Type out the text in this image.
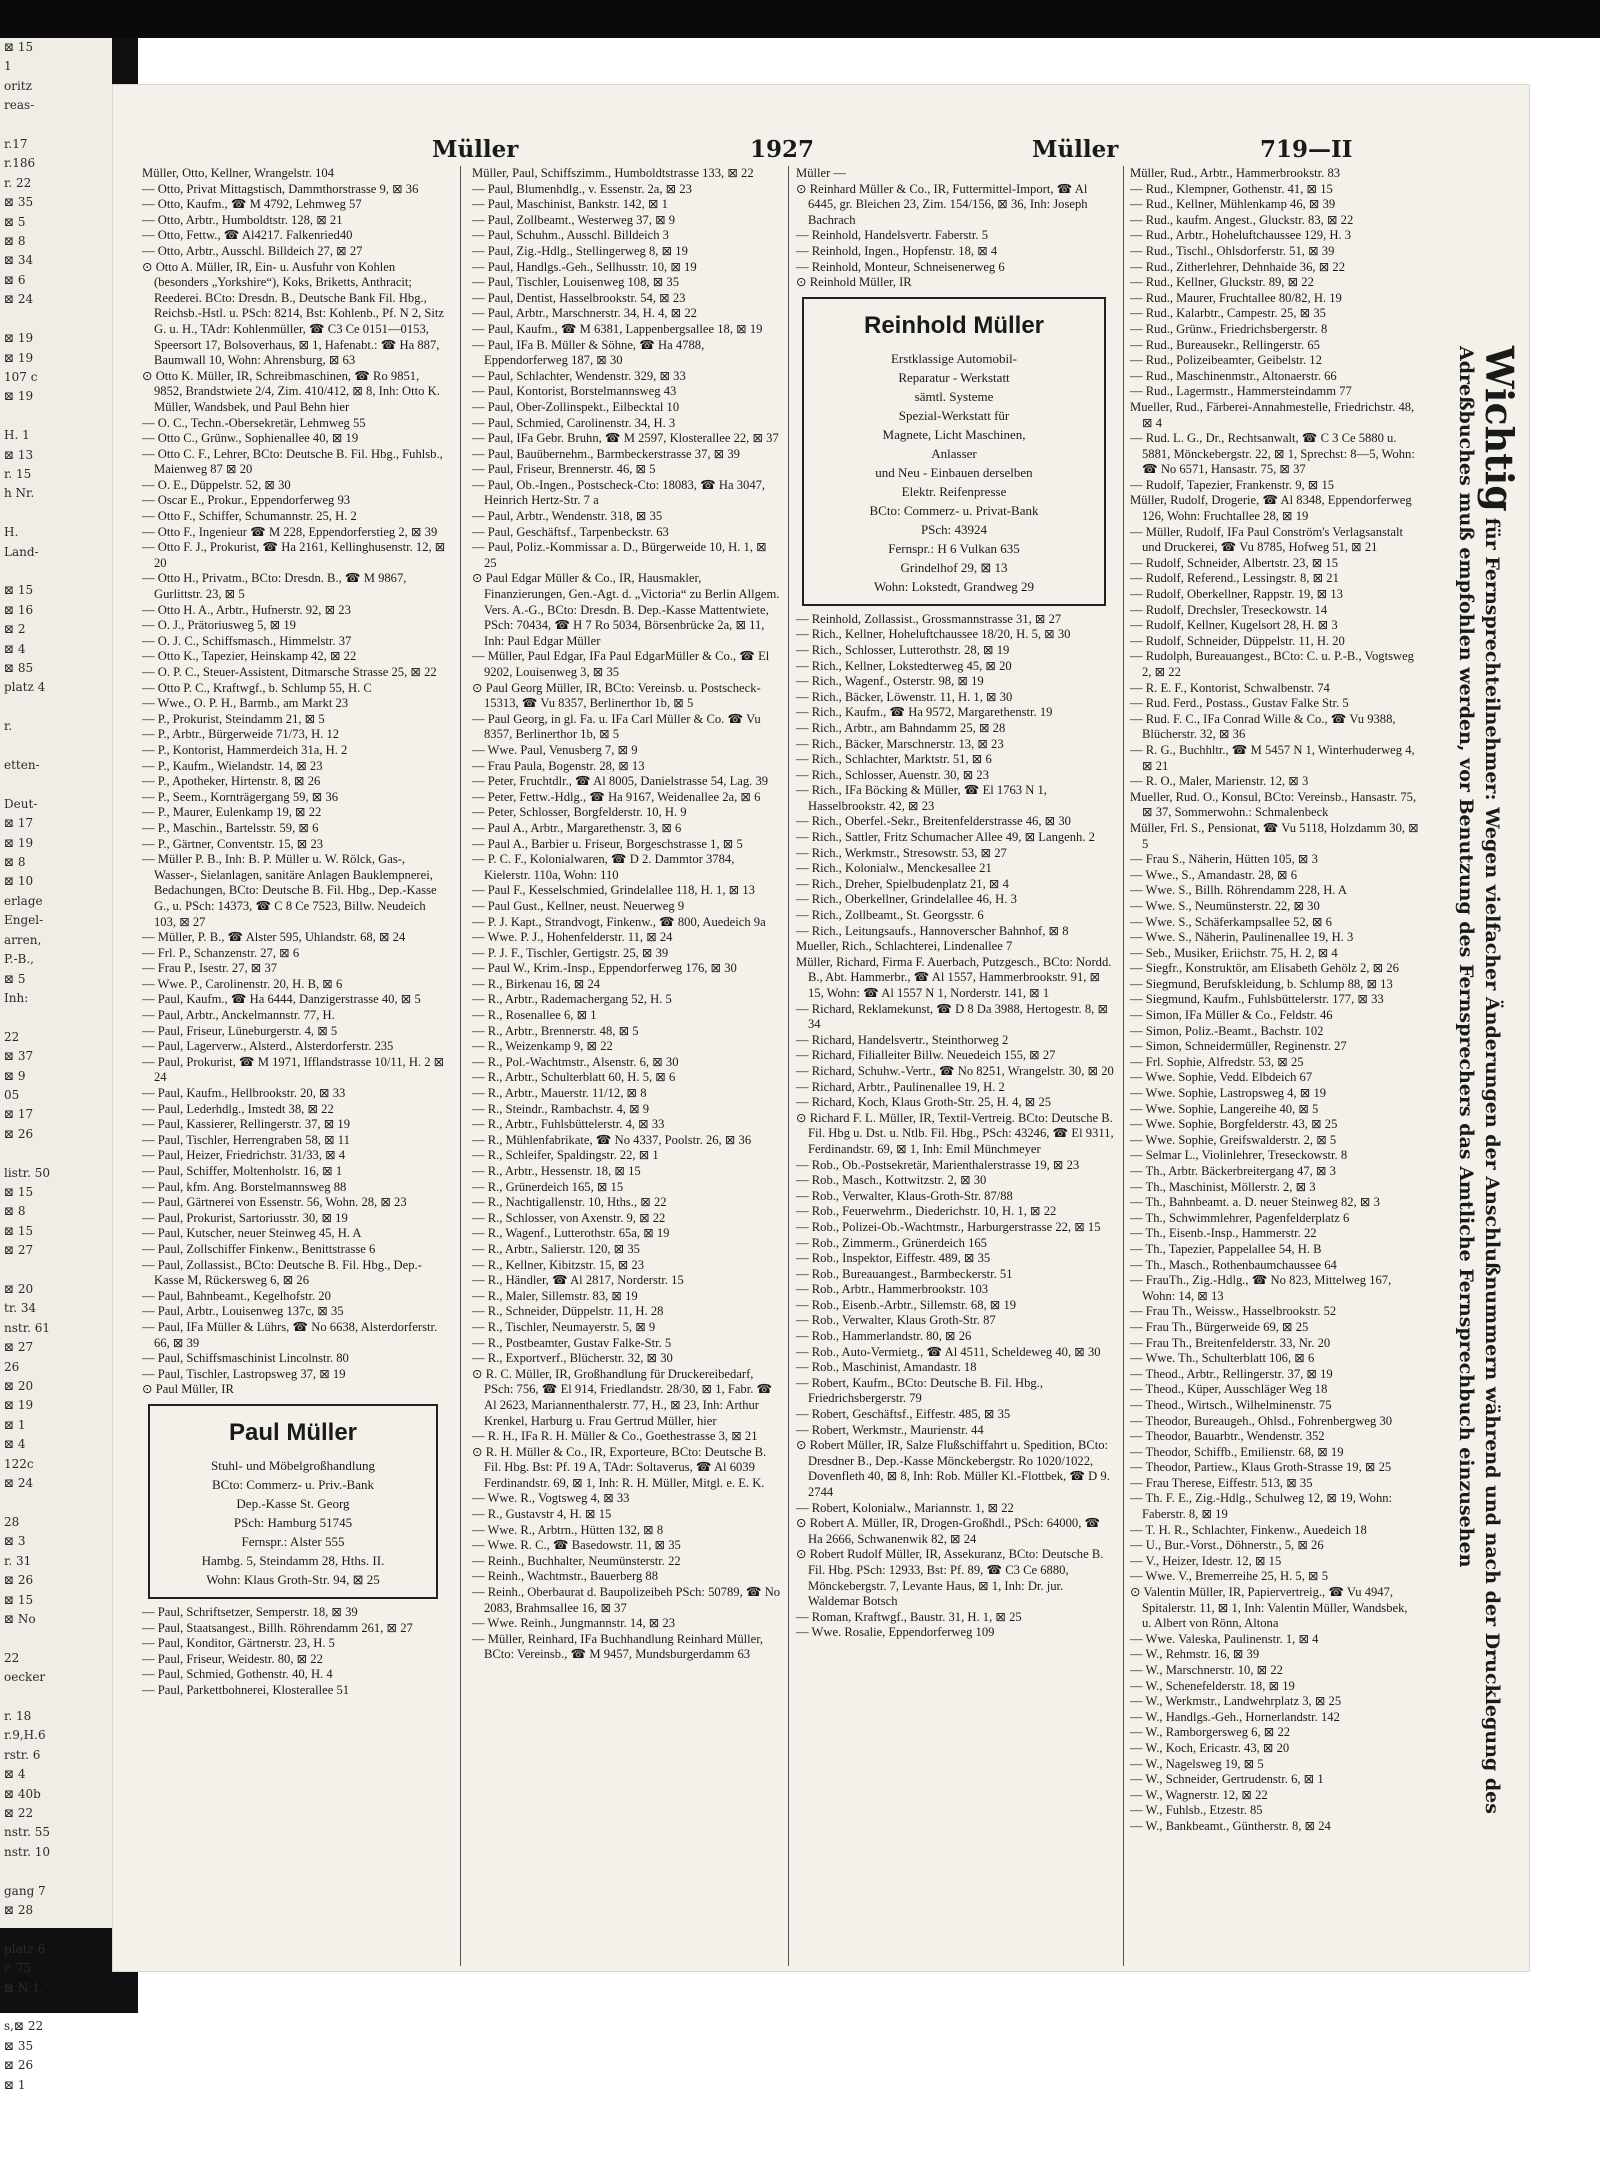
⊠ 15
1
oritz
reas-

r.17
r.186
r. 22
⊠ 35
⊠ 5
⊠ 8
⊠ 34
⊠ 6
⊠ 24

⊠ 19
⊠ 19
107 c
⊠ 19

H. 1
⊠ 13
r. 15
h Nr.

H.
Land-

⊠ 15
⊠ 16
⊠ 2
⊠ 4
⊠ 85
platz 4

r.

etten-

Deut-
⊠ 17
⊠ 19
⊠ 8
⊠ 10
erlage
Engel-
arren,
P.-B.,
⊠ 5
Inh:

22
⊠ 37
⊠ 9
05
⊠ 17
⊠ 26

listr. 50
⊠ 15
⊠ 8
⊠ 15
⊠ 27

⊠ 20
tr. 34
nstr. 61
⊠ 27
26
⊠ 20
⊠ 19
⊠ 1
⊠ 4
122c
⊠ 24

28
⊠ 3
r. 31
⊠ 26
⊠ 15
⊠ No

22
oecker

r. 18
r.9,H.6
rstr. 6
⊠ 4
⊠ 40b
⊠ 22
nstr. 55
nstr. 10

gang 7
⊠ 28

platz 6
r. 75
⊠ N 1,

s,⊠ 22
⊠ 35
⊠ 26
⊠ 1
Müller	1927	Müller	719—II

Müller, Otto, Kellner, Wrangelstr. 104

— Otto, Privat Mittagstisch, Dammthorstrasse 9, ⊠ 36

— Otto, Kaufm., ☎ M 4792, Lehmweg 57

— Otto, Arbtr., Humboldtstr. 128, ⊠ 21

— Otto, Fettw., ☎ Al4217. Falkenried40

— Otto, Arbtr., Ausschl. Billdeich 27, ⊠ 27

⊙ Otto A. Müller, IR, Ein- u. Ausfuhr von Kohlen (besonders „Yorkshire“), Koks, Briketts, Anthracit; Reederei. BCto: Dresdn. B., Deutsche Bank Fil. Hbg., Reichsb.-Hstl. u. PSch: 8214, Bst: Kohlenb., Pf. N 2, Sitz G. u. H., TAdr: Kohlenmüller, ☎ C3 Ce 0151—0153, Speersort 17, Bolsoverhaus, ⊠ 1, Hafenabt.: ☎ Ha 887, Baumwall 10, Wohn: Ahrensburg, ⊠ 63

⊙ Otto K. Müller, IR, Schreibmaschinen, ☎ Ro 9851, 9852, Brandstwiete 2/4, Zim. 410/412, ⊠ 8, Inh: Otto K. Müller, Wandsbek, und Paul Behn hier

— O. C., Techn.-Obersekretär, Lehmweg 55

— Otto C., Grünw., Sophienallee 40, ⊠ 19

— Otto C. F., Lehrer, BCto: Deutsche B. Fil. Hbg., Fuhlsb., Maienweg 87 ⊠ 20

— O. E., Düppelstr. 52, ⊠ 30

— Oscar E., Prokur., Eppendorferweg 93

— Otto F., Schiffer, Schumannstr. 25, H. 2

— Otto F., Ingenieur ☎ M 228, Eppendorferstieg 2, ⊠ 39

— Otto F. J., Prokurist, ☎ Ha 2161, Kellinghusenstr. 12, ⊠ 20

— Otto H., Privatm., BCto: Dresdn. B., ☎ M 9867, Gurlittstr. 23, ⊠ 5

— Otto H. A., Arbtr., Hufnerstr. 92, ⊠ 23

— O. J., Prätoriusweg 5, ⊠ 19

— O. J. C., Schiffsmasch., Himmelstr. 37

— Otto K., Tapezier, Heinskamp 42, ⊠ 22

— O. P. C., Steuer-Assistent, Ditmarsche Strasse 25, ⊠ 22

— Otto P. C., Kraftwgf., b. Schlump 55, H. C

— Wwe., O. P. H., Barmb., am Markt 23

— P., Prokurist, Steindamm 21, ⊠ 5

— P., Arbtr., Bürgerweide 71/73, H. 12

— P., Kontorist, Hammerdeich 31a, H. 2

— P., Kaufm., Wielandstr. 14, ⊠ 23

— P., Apotheker, Hirtenstr. 8, ⊠ 26

— P., Seem., Kornträgergang 59, ⊠ 36

— P., Maurer, Eulenkamp 19, ⊠ 22

— P., Maschin., Bartelsstr. 59, ⊠ 6

— P., Gärtner, Conventstr. 15, ⊠ 23

— Müller P. B., Inh: B. P. Müller u. W. Rölck, Gas-, Wasser-, Sielanlagen, sanitäre Anlagen Bauklempnerei, Bedachungen, BCto: Deutsche B. Fil. Hbg., Dep.-Kasse G., u. PSch: 14373, ☎ C 8 Ce 7523, Billw. Neudeich 103, ⊠ 27

— Müller, P. B., ☎ Alster 595, Uhlandstr. 68, ⊠ 24

— Frl. P., Schanzenstr. 27, ⊠ 6

— Frau P., Isestr. 27, ⊠ 37

— Wwe. P., Carolinenstr. 20, H. B, ⊠ 6

— Paul, Kaufm., ☎ Ha 6444, Danzigerstrasse 40, ⊠ 5

— Paul, Arbtr., Anckelmannstr. 77, H.

— Paul, Friseur, Lüneburgerstr. 4, ⊠ 5

— Paul, Lagerverw., Alsterd., Alsterdorferstr. 235

— Paul, Prokurist, ☎ M 1971, Ifflandstrasse 10/11, H. 2 ⊠ 24

— Paul, Kaufm., Hellbrookstr. 20, ⊠ 33

— Paul, Lederhdlg., Imstedt 38, ⊠ 22

— Paul, Kassierer, Rellingerstr. 37, ⊠ 19

— Paul, Tischler, Herrengraben 58, ⊠ 11

— Paul, Heizer, Friedrichstr. 31/33, ⊠ 4

— Paul, Schiffer, Moltenholstr. 16, ⊠ 1

— Paul, kfm. Ang. Borstelmannsweg 88

— Paul, Gärtnerei von Essenstr. 56, Wohn. 28, ⊠ 23

— Paul, Prokurist, Sartoriusstr. 30, ⊠ 19

— Paul, Kutscher, neuer Steinweg 45, H. A

— Paul, Zollschiffer Finkenw., Benittstrasse 6

— Paul, Zollassist., BCto: Deutsche B. Fil. Hbg., Dep.-Kasse M, Rückersweg 6, ⊠ 26

— Paul, Bahnbeamt., Kegelhofstr. 20

— Paul, Arbtr., Louisenweg 137c, ⊠ 35

— Paul, IFa Müller & Lührs, ☎ No 6638, Alsterdorferstr. 66, ⊠ 39

— Paul, Schiffsmaschinist Lincolnstr. 80

— Paul, Tischler, Lastropsweg 37, ⊠ 19

⊙ Paul Müller, IR

Paul Müller

Stuhl- und Möbelgroßhandlung

BCto: Commerz- u. Priv.-Bank

Dep.-Kasse St. Georg

PSch: Hamburg 51745

Fernspr.: Alster 555

Hambg. 5, Steindamm 28, Hths. II.

Wohn: Klaus Groth-Str. 94, ⊠ 25

— Paul, Schriftsetzer, Semperstr. 18, ⊠ 39

— Paul, Staatsangest., Billh. Röhrendamm 261, ⊠ 27

— Paul, Konditor, Gärtnerstr. 23, H. 5

— Paul, Friseur, Weidestr. 80, ⊠ 22

— Paul, Schmied, Gothenstr. 40, H. 4

— Paul, Parkettbohnerei, Klosterallee 51

Müller, Paul, Schiffszimm., Humboldtstrasse 133, ⊠ 22

— Paul, Blumenhdlg., v. Essenstr. 2a, ⊠ 23

— Paul, Maschinist, Bankstr. 142, ⊠ 1

— Paul, Zollbeamt., Westerweg 37, ⊠ 9

— Paul, Schuhm., Ausschl. Billdeich 3

— Paul, Zig.-Hdlg., Stellingerweg 8, ⊠ 19

— Paul, Handlgs.-Geh., Sellhusstr. 10, ⊠ 19

— Paul, Tischler, Louisenweg 108, ⊠ 35

— Paul, Dentist, Hasselbrookstr. 54, ⊠ 23

— Paul, Arbtr., Marschnerstr. 34, H. 4, ⊠ 22

— Paul, Kaufm., ☎ M 6381, Lappenbergsallee 18, ⊠ 19

— Paul, IFa B. Müller & Söhne, ☎ Ha 4788, Eppendorferweg 187, ⊠ 30

— Paul, Schlachter, Wendenstr. 329, ⊠ 33

— Paul, Kontorist, Borstelmannsweg 43

— Paul, Ober-Zollinspekt., Eilbecktal 10

— Paul, Schmied, Carolinenstr. 34, H. 3

— Paul, IFa Gebr. Bruhn, ☎ M 2597, Klosterallee 22, ⊠ 37

— Paul, Bauübernehm., Barmbeckerstrasse 37, ⊠ 39

— Paul, Friseur, Brennerstr. 46, ⊠ 5

— Paul, Ob.-Ingen., Postscheck-Cto: 18083, ☎ Ha 3047, Heinrich Hertz-Str. 7 a

— Paul, Arbtr., Wendenstr. 318, ⊠ 35

— Paul, Geschäftsf., Tarpenbeckstr. 63

— Paul, Poliz.-Kommissar a. D., Bürgerweide 10, H. 1, ⊠ 25

⊙ Paul Edgar Müller & Co., IR, Hausmakler, Finanzierungen, Gen.-Agt. d. „Victoria“ zu Berlin Allgem. Vers. A.-G., BCto: Dresdn. B. Dep.-Kasse Mattentwiete, PSch: 70434, ☎ H 7 Ro 5034, Börsenbrücke 2a, ⊠ 11, Inh: Paul Edgar Müller

— Müller, Paul Edgar, IFa Paul EdgarMüller & Co., ☎ El 9202, Louisenweg 3, ⊠ 35

⊙ Paul Georg Müller, IR, BCto: Vereinsb. u. Postscheck- 15313, ☎ Vu 8357, Berlinerthor 1b, ⊠ 5

— Paul Georg, in gl. Fa. u. IFa Carl Müller & Co. ☎ Vu 8357, Berlinerthor 1b, ⊠ 5

— Wwe. Paul, Venusberg 7, ⊠ 9

— Frau Paula, Bogenstr. 28, ⊠ 13

— Peter, Fruchtdlr., ☎ Al 8005, Danielstrasse 54, Lag. 39

— Peter, Fettw.-Hdlg., ☎ Ha 9167, Weidenallee 2a, ⊠ 6

— Peter, Schlosser, Borgfelderstr. 10, H. 9

— Paul A., Arbtr., Margarethenstr. 3, ⊠ 6

— Paul A., Barbier u. Friseur, Borgeschstrasse 1, ⊠ 5

— P. C. F., Kolonialwaren, ☎ D 2. Dammtor 3784, Kielerstr. 110a, Wohn: 110

— Paul F., Kesselschmied, Grindelallee 118, H. 1, ⊠ 13

— Paul Gust., Kellner, neust. Neuerweg 9

— P. J. Kapt., Strandvogt, Finkenw., ☎ 800, Auedeich 9a

— Wwe. P. J., Hohenfelderstr. 11, ⊠ 24

— P. J. F., Tischler, Gertigstr. 25, ⊠ 39

— Paul W., Krim.-Insp., Eppendorferweg 176, ⊠ 30

— R., Birkenau 16, ⊠ 24

— R., Arbtr., Rademachergang 52, H. 5

— R., Rosenallee 6, ⊠ 1

— R., Arbtr., Brennerstr. 48, ⊠ 5

— R., Weizenkamp 9, ⊠ 22

— R., Pol.-Wachtmstr., Alsenstr. 6, ⊠ 30

— R., Arbtr., Schulterblatt 60, H. 5, ⊠ 6

— R., Arbtr., Mauerstr. 11/12, ⊠ 8

— R., Steindr., Rambachstr. 4, ⊠ 9

— R., Arbtr., Fuhlsbüttelerstr. 4, ⊠ 33

— R., Mühlenfabrikate, ☎ No 4337, Poolstr. 26, ⊠ 36

— R., Schleifer, Spaldingstr. 22, ⊠ 1

— R., Arbtr., Hessenstr. 18, ⊠ 15

— R., Grünerdeich 165, ⊠ 15

— R., Nachtigallenstr. 10, Hths., ⊠ 22

— R., Schlosser, von Axenstr. 9, ⊠ 22

— R., Wagenf., Lutterothstr. 65a, ⊠ 19

— R., Arbtr., Salierstr. 120, ⊠ 35

— R., Kellner, Kibitzstr. 15, ⊠ 23

— R., Händler, ☎ Al 2817, Norderstr. 15

— R., Maler, Sillemstr. 83, ⊠ 19

— R., Schneider, Düppelstr. 11, H. 28

— R., Tischler, Neumayerstr. 5, ⊠ 9

— R., Postbeamter, Gustav Falke-Str. 5

— R., Exportverf., Blücherstr. 32, ⊠ 30

⊙ R. C. Müller, IR, Großhandlung für Druckereibedarf, PSch: 756, ☎ El 914, Friedlandstr. 28/30, ⊠ 1, Fabr. ☎ Al 2623, Mariannenthalerstr. 77, H., ⊠ 23, Inh: Arthur Krenkel, Harburg u. Frau Gertrud Müller, hier

— R. H., IFa R. H. Müller & Co., Goethestrasse 3, ⊠ 21

⊙ R. H. Müller & Co., IR, Exporteure, BCto: Deutsche B. Fil. Hbg. Bst: Pf. 19 A, TAdr: Soltaverus, ☎ Al 6039 Ferdinandstr. 69, ⊠ 1, Inh: R. H. Müller, Mitgl. e. E. K.

— Wwe. R., Vogtsweg 4, ⊠ 33

— R., Gustavstr 4, H. ⊠ 15

— Wwe. R., Arbtrn., Hütten 132, ⊠ 8

— Wwe. R. C., ☎ Basedowstr. 11, ⊠ 35

— Reinh., Buchhalter, Neumünsterstr. 22

— Reinh., Wachtmstr., Bauerberg 88

— Reinh., Oberbaurat d. Baupolizeibeh PSch: 50789, ☎ No 2083, Brahmsallee 16, ⊠ 37

— Wwe. Reinh., Jungmannstr. 14, ⊠ 23

— Müller, Reinhard, IFa Buchhandlung Reinhard Müller, BCto: Vereinsb., ☎ M 9457, Mundsburgerdamm 63

Müller —

⊙ Reinhard Müller & Co., IR, Futtermittel-Import, ☎ Al 6445, gr. Bleichen 23, Zim. 154/156, ⊠ 36, Inh: Joseph Bachrach

— Reinhold, Handelsvertr. Faberstr. 5

— Reinhold, Ingen., Hopfenstr. 18, ⊠ 4

— Reinhold, Monteur, Schneisenerweg 6

⊙ Reinhold Müller, IR

Reinhold Müller

Erstklassige Automobil-

Reparatur - Werkstatt

sämtl. Systeme

Spezial-Werkstatt für

Magnete, Licht Maschinen,

Anlasser

und Neu - Einbauen derselben

Elektr. Reifenpresse

BCto: Commerz- u. Privat-Bank

PSch: 43924

Fernspr.: H 6 Vulkan 635

Grindelhof 29, ⊠ 13

Wohn: Lokstedt, Grandweg 29

— Reinhold, Zollassist., Grossmannstrasse 31, ⊠ 27

— Rich., Kellner, Hoheluftchaussee 18/20, H. 5, ⊠ 30

— Rich., Schlosser, Lutterothstr. 28, ⊠ 19

— Rich., Kellner, Lokstedterweg 45, ⊠ 20

— Rich., Wagenf., Osterstr. 98, ⊠ 19

— Rich., Bäcker, Löwenstr. 11, H. 1, ⊠ 30

— Rich., Kaufm., ☎ Ha 9572, Margarethenstr. 19

— Rich., Arbtr., am Bahndamm 25, ⊠ 28

— Rich., Bäcker, Marschnerstr. 13, ⊠ 23

— Rich., Schlachter, Marktstr. 51, ⊠ 6

— Rich., Schlosser, Auenstr. 30, ⊠ 23

— Rich., IFa Böcking & Müller, ☎ El 1763 N 1, Hasselbrookstr. 42, ⊠ 23

— Rich., Oberfel.-Sekr., Breitenfelderstrasse 46, ⊠ 30

— Rich., Sattler, Fritz Schumacher Allee 49, ⊠ Langenh. 2

— Rich., Werkmstr., Stresowstr. 53, ⊠ 27

— Rich., Kolonialw., Menckesallee 21

— Rich., Dreher, Spielbudenplatz 21, ⊠ 4

— Rich., Oberkellner, Grindelallee 46, H. 3

— Rich., Zollbeamt., St. Georgsstr. 6

— Rich., Leitungsaufs., Hannoverscher Bahnhof, ⊠ 8

Mueller, Rich., Schlachterei, Lindenallee 7

Müller, Richard, Firma F. Auerbach, Putzgesch., BCto: Nordd. B., Abt. Hammerbr., ☎ Al 1557, Hammerbrookstr. 91, ⊠ 15, Wohn: ☎ Al 1557 N 1, Norderstr. 141, ⊠ 1

— Richard, Reklamekunst, ☎ D 8 Da 3988, Hertogestr. 8, ⊠ 34

— Richard, Handelsvertr., Steinthorweg 2

— Richard, Filialleiter Billw. Neuedeich 155, ⊠ 27

— Richard, Schuhw.-Vertr., ☎ No 8251, Wrangelstr. 30, ⊠ 20

— Richard, Arbtr., Paulinenallee 19, H. 2

— Richard, Koch, Klaus Groth-Str. 25, H. 4, ⊠ 25

⊙ Richard F. L. Müller, IR, Textil-Vertreig. BCto: Deutsche B. Fil. Hbg u. Dst. u. Ntlb. Fil. Hbg., PSch: 43246, ☎ El 9311, Ferdinandstr. 69, ⊠ 1, Inh: Emil Münchmeyer

— Rob., Ob.-Postsekretär, Marienthalerstrasse 19, ⊠ 23

— Rob., Masch., Kottwitzstr. 2, ⊠ 30

— Rob., Verwalter, Klaus-Groth-Str. 87/88

— Rob., Feuerwehrm., Diederichstr. 10, H. 1, ⊠ 22

— Rob., Polizei-Ob.-Wachtmstr., Harburgerstrasse 22, ⊠ 15

— Rob., Zimmerm., Grünerdeich 165

— Rob., Inspektor, Eiffestr. 489, ⊠ 35

— Rob., Bureauangest., Barmbeckerstr. 51

— Rob., Arbtr., Hammerbrookstr. 103

— Rob., Eisenb.-Arbtr., Sillemstr. 68, ⊠ 19

— Rob., Verwalter, Klaus Groth-Str. 87

— Rob., Hammerlandstr. 80, ⊠ 26

— Rob., Auto-Vermietg., ☎ Al 4511, Scheldeweg 40, ⊠ 30

— Rob., Maschinist, Amandastr. 18

— Robert, Kaufm., BCto: Deutsche B. Fil. Hbg., Friedrichsbergerstr. 79

— Robert, Geschäftsf., Eiffestr. 485, ⊠ 35

— Robert, Werkmstr., Maurienstr. 44

⊙ Robert Müller, IR, Salze Flußschiffahrt u. Spedition, BCto: Dresdner B., Dep.-Kasse Mönckebergstr. Ro 1020/1022, Dovenfleth 40, ⊠ 8, Inh: Rob. Müller Kl.-Flottbek, ☎ D 9. 2744

— Robert, Kolonialw., Mariannstr. 1, ⊠ 22

⊙ Robert A. Müller, IR, Drogen-Großhdl., PSch: 64000, ☎ Ha 2666, Schwanenwik 82, ⊠ 24

⊙ Robert Rudolf Müller, IR, Assekuranz, BCto: Deutsche B. Fil. Hbg. PSch: 12933, Bst: Pf. 89, ☎ C3 Ce 6880, Mönckebergstr. 7, Levante Haus, ⊠ 1, Inh: Dr. jur. Waldemar Botsch

— Roman, Kraftwgf., Baustr. 31, H. 1, ⊠ 25

— Wwe. Rosalie, Eppendorferweg 109

Müller, Rud., Arbtr., Hammerbrookstr. 83

— Rud., Klempner, Gothenstr. 41, ⊠ 15

— Rud., Kellner, Mühlenkamp 46, ⊠ 39

— Rud., kaufm. Angest., Gluckstr. 83, ⊠ 22

— Rud., Arbtr., Hoheluftchaussee 129, H. 3

— Rud., Tischl., Ohlsdorferstr. 51, ⊠ 39

— Rud., Zitherlehrer, Dehnhaide 36, ⊠ 22

— Rud., Kellner, Gluckstr. 89, ⊠ 22

— Rud., Maurer, Fruchtallee 80/82, H. 19

— Rud., Kalarbtr., Campestr. 25, ⊠ 35

— Rud., Grünw., Friedrichsbergerstr. 8

— Rud., Bureausekr., Rellingerstr. 65

— Rud., Polizeibeamter, Geibelstr. 12

— Rud., Maschinenmstr., Altonaerstr. 66

— Rud., Lagermstr., Hammersteindamm 77

Mueller, Rud., Färberei-Annahmestelle, Friedrichstr. 48, ⊠ 4

— Rud. L. G., Dr., Rechtsanwalt, ☎ C 3 Ce 5880 u. 5881, Mönckebergstr. 22, ⊠ 1, Sprechst: 8—5, Wohn: ☎ No 6571, Hansastr. 75, ⊠ 37

— Rudolf, Tapezier, Frankenstr. 9, ⊠ 15

Müller, Rudolf, Drogerie, ☎ Al 8348, Eppendorferweg 126, Wohn: Fruchtallee 28, ⊠ 19

— Müller, Rudolf, IFa Paul Conström's Verlagsanstalt und Druckerei, ☎ Vu 8785, Hofweg 51, ⊠ 21

— Rudolf, Schneider, Albertstr. 23, ⊠ 15

— Rudolf, Referend., Lessingstr. 8, ⊠ 21

— Rudolf, Oberkellner, Rappstr. 19, ⊠ 13

— Rudolf, Drechsler, Treseckowstr. 14

— Rudolf, Kellner, Kugelsort 28, H. ⊠ 3

— Rudolf, Schneider, Düppelstr. 11, H. 20

— Rudolph, Bureauangest., BCto: C. u. P.-B., Vogtsweg 2, ⊠ 22

— R. E. F., Kontorist, Schwalbenstr. 74

— Rud. Ferd., Postass., Gustav Falke Str. 5

— Rud. F. C., IFa Conrad Wille & Co., ☎ Vu 9388, Blücherstr. 32, ⊠ 36

— R. G., Buchhltr., ☎ M 5457 N 1, Winterhuderweg 4, ⊠ 21

— R. O., Maler, Marienstr. 12, ⊠ 3

Mueller, Rud. O., Konsul, BCto: Vereinsb., Hansastr. 75, ⊠ 37, Sommerwohn.: Schmalenbeck

Müller, Frl. S., Pensionat, ☎ Vu 5118, Holzdamm 30, ⊠ 5

— Frau S., Näherin, Hütten 105, ⊠ 3

— Wwe., S., Amandastr. 28, ⊠ 6

— Wwe. S., Billh. Röhrendamm 228, H. A

— Wwe. S., Neumünsterstr. 22, ⊠ 30

— Wwe. S., Schäferkampsallee 52, ⊠ 6

— Wwe. S., Näherin, Paulinenallee 19, H. 3

— Seb., Musiker, Eriichstr. 75, H. 2, ⊠ 4

— Siegfr., Konstruktör, am Elisabeth Gehölz 2, ⊠ 26

— Siegmund, Berufskleidung, b. Schlump 88, ⊠ 13

— Siegmund, Kaufm., Fuhlsbüttelerstr. 177, ⊠ 33

— Simon, IFa Müller & Co., Feldstr. 46

— Simon, Poliz.-Beamt., Bachstr. 102

— Simon, Schneidermüller, Reginenstr. 27

— Frl. Sophie, Alfredstr. 53, ⊠ 25

— Wwe. Sophie, Vedd. Elbdeich 67

— Wwe. Sophie, Lastropsweg 4, ⊠ 19

— Wwe. Sophie, Langereihe 40, ⊠ 5

— Wwe. Sophie, Borgfelderstr. 43, ⊠ 25

— Wwe. Sophie, Greifswalderstr. 2, ⊠ 5

— Selmar L., Violinlehrer, Treseckowstr. 8

— Th., Arbtr. Bäckerbreitergang 47, ⊠ 3

— Th., Maschinist, Möllerstr. 2, ⊠ 3

— Th., Bahnbeamt. a. D. neuer Steinweg 82, ⊠ 3

— Th., Schwimmlehrer, Pagenfelderplatz 6

— Th., Eisenb.-Insp., Hammerstr. 22

— Th., Tapezier, Pappelallee 54, H. B

— Th., Masch., Rothenbaumchaussee 64

— FrauTh., Zig.-Hdlg., ☎ No 823, Mittelweg 167, Wohn: 14, ⊠ 13

— Frau Th., Weissw., Hasselbrookstr. 52

— Frau Th., Bürgerweide 69, ⊠ 25

— Frau Th., Breitenfelderstr. 33, Nr. 20

— Wwe. Th., Schulterblatt 106, ⊠ 6

— Theod., Arbtr., Rellingerstr. 37, ⊠ 19

— Theod., Küper, Ausschläger Weg 18

— Theod., Wirtsch., Wilhelminenstr. 75

— Theodor, Bureaugeh., Ohlsd., Fohrenbergweg 30

— Theodor, Bauarbtr., Wendenstr. 352

— Theodor, Schiffb., Emilienstr. 68, ⊠ 19

— Theodor, Partiew., Klaus Groth-Strasse 19, ⊠ 25

— Frau Therese, Eiffestr. 513, ⊠ 35

— Th. F. E., Zig.-Hdlg., Schulweg 12, ⊠ 19, Wohn: Faberstr. 8, ⊠ 19

— T. H. R., Schlachter, Finkenw., Auedeich 18

— U., Bur.-Vorst., Döhnerstr., 5, ⊠ 26

— V., Heizer, Idestr. 12, ⊠ 15

— Wwe. V., Bremerreihe 25, H. 5, ⊠ 5

⊙ Valentin Müller, IR, Papiervertreig., ☎ Vu 4947, Spitalerstr. 11, ⊠ 1, Inh: Valentin Müller, Wandsbek, u. Albert von Rönn, Altona

— Wwe. Valeska, Paulinenstr. 1, ⊠ 4

— W., Rehmstr. 16, ⊠ 39

— W., Marschnerstr. 10, ⊠ 22

— W., Schenefelderstr. 18, ⊠ 19

— W., Werkmstr., Landwehrplatz 3, ⊠ 25

— W., Handlgs.-Geh., Hornerlandstr. 142

— W., Ramborgersweg 6, ⊠ 22

— W., Koch, Ericastr. 43, ⊠ 20

— W., Nagelsweg 19, ⊠ 5

— W., Schneider, Gertrudenstr. 6, ⊠ 1

— W., Wagnerstr. 12, ⊠ 22

— W., Fuhlsb., Etzestr. 85

— W., Bankbeamt., Güntherstr. 8, ⊠ 24

Wichtigfür Fernsprechteilnehmer: Wegen vielfacher Änderungen der Anschlußnummern während und nach der Drucklegung des Adreßbuches muß empfohlen werden, vor Benutzung des Fernsprechers das Amtliche Fernsprechbuch einzusehen
